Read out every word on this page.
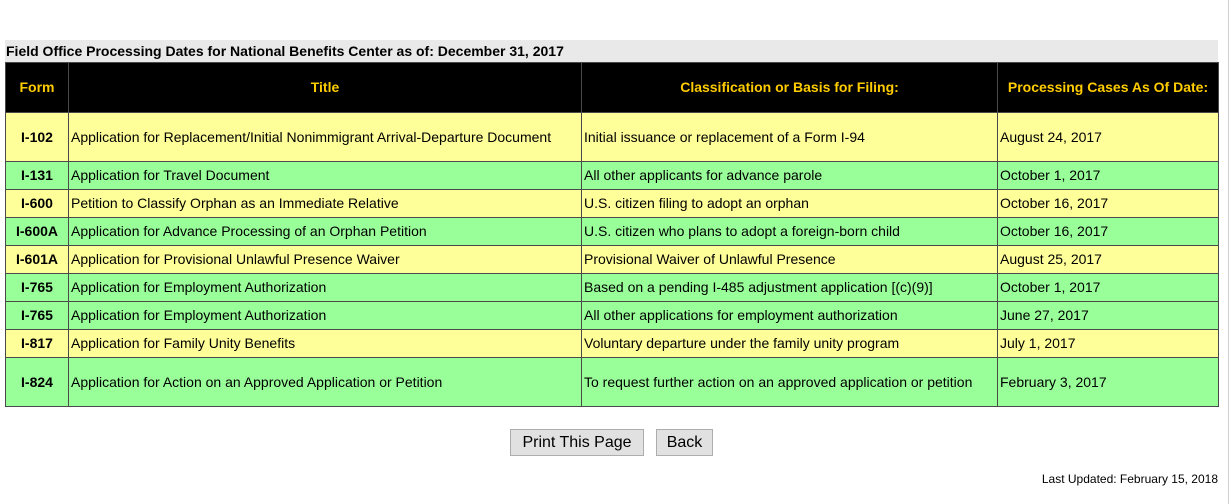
Field Office Processing Dates for National Benefits Center as of: December 31, 2017
Form	Title	Classification or Basis for Filing:	Processing Cases As Of Date:
I-102	Application for Replacement/Initial Nonimmigrant Arrival-Departure Document	Initial issuance or replacement of a Form I-94	August 24, 2017
I-131	Application for Travel Document	All other applicants for advance parole	October 1, 2017
I-600	Petition to Classify Orphan as an Immediate Relative	U.S. citizen filing to adopt an orphan	October 16, 2017
I-600A	Application for Advance Processing of an Orphan Petition	U.S. citizen who plans to adopt a foreign-born child	October 16, 2017
I-601A	Application for Provisional Unlawful Presence Waiver	Provisional Waiver of Unlawful Presence	August 25, 2017
I-765	Application for Employment Authorization	Based on a pending I-485 adjustment application [(c)(9)]	October 1, 2017
I-765	Application for Employment Authorization	All other applications for employment authorization	June 27, 2017
I-817	Application for Family Unity Benefits	Voluntary departure under the family unity program	July 1, 2017
I-824	Application for Action on an Approved Application or Petition	To request further action on an approved application or petition	February 3, 2017
Print This Page	Back
Last Updated: February 15, 2018
